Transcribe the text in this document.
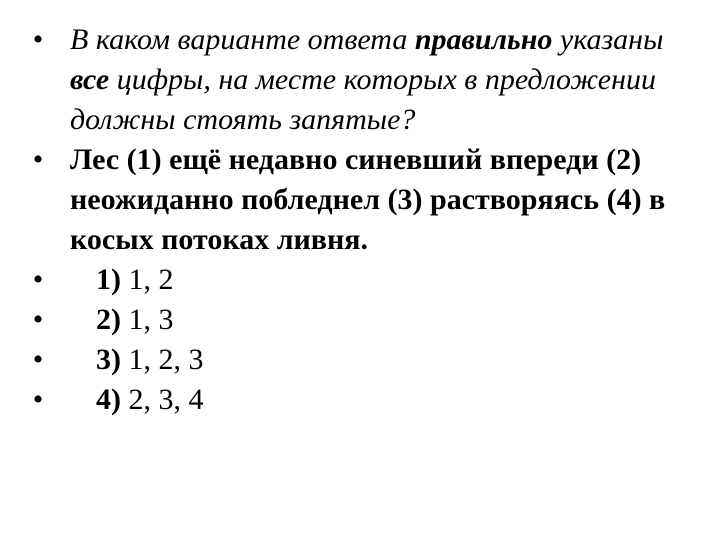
• В каком варианте ответа правильно указаны все цифры, на месте которых в предложении должны стоять запятые?
• Лес (1) ещё недавно синевший впереди (2) неожиданно побледнел (3) растворяясь (4) в косых потоках ливня.
• 1) 1, 2
• 2) 1, 3
• 3) 1, 2, 3
• 4) 2, 3, 4
